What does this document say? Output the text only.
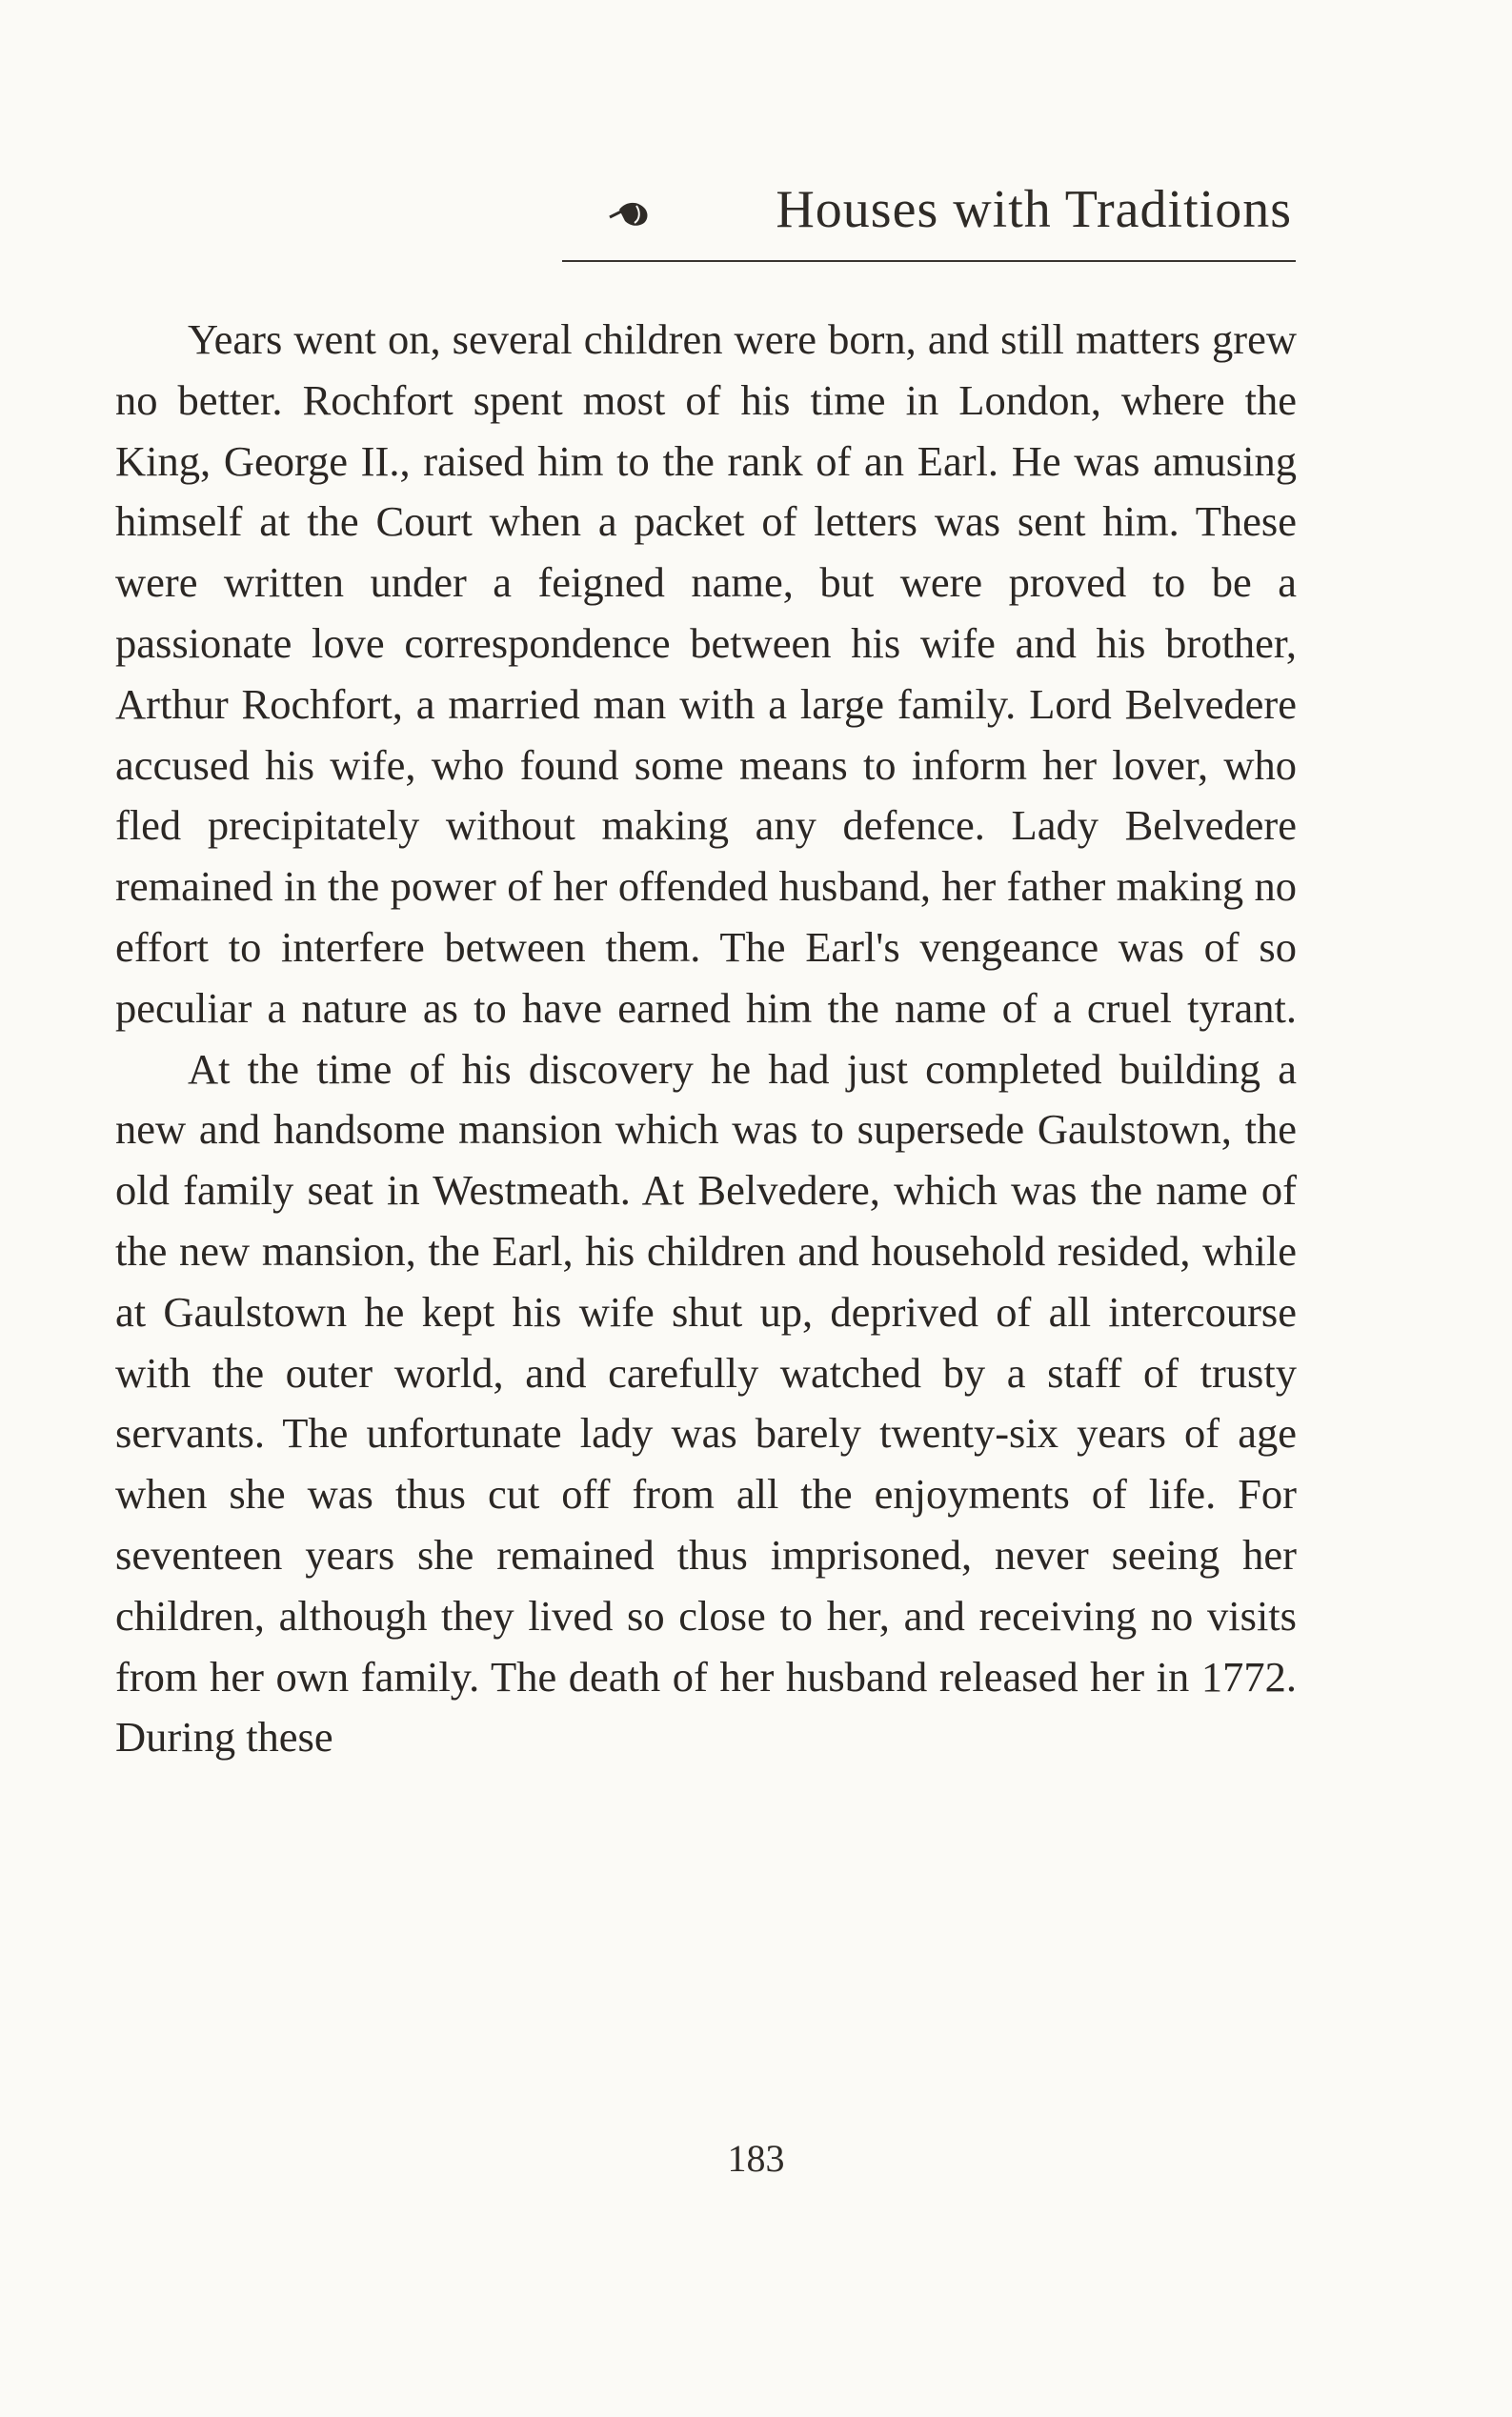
Houses with Traditions

Years went on, several children were born, and still matters grew no better. Rochfort spent most of his time in London, where the King, George II., raised him to the rank of an Earl. He was amusing himself at the Court when a packet of letters was sent him. These were written under a feigned name, but were proved to be a passionate love correspondence between his wife and his brother, Arthur Rochfort, a married man with a large family. Lord Belvedere accused his wife, who found some means to inform her lover, who fled precipitately without making any defence. Lady Belvedere remained in the power of her offended husband, her father making no effort to interfere between them. The Earl's vengeance was of so peculiar a nature as to have earned him the name of a cruel tyrant.

At the time of his discovery he had just completed building a new and handsome mansion which was to supersede Gaulstown, the old family seat in Westmeath. At Belvedere, which was the name of the new mansion, the Earl, his children and household resided, while at Gaulstown he kept his wife shut up, deprived of all intercourse with the outer world, and carefully watched by a staff of trusty servants. The unfortunate lady was barely twenty-six years of age when she was thus cut off from all the enjoyments of life. For seventeen years she remained thus imprisoned, never seeing her children, although they lived so close to her, and receiving no visits from her own family. The death of her husband released her in 1772. During these

183
